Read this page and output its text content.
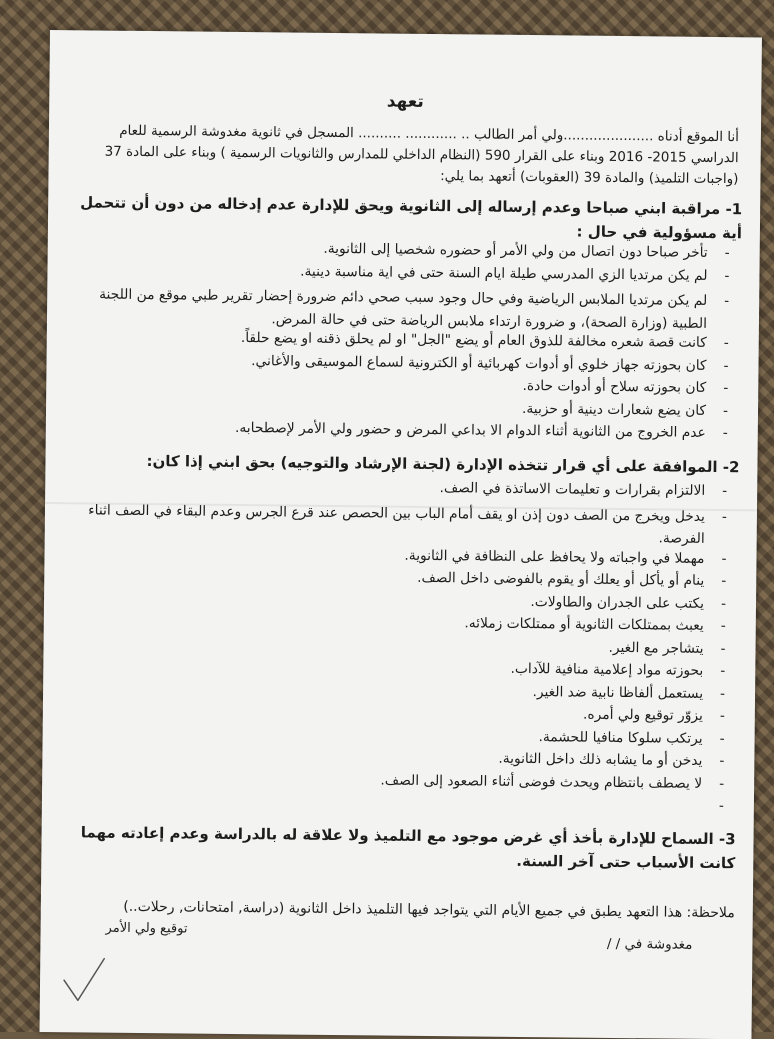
تعهد
أنا الموقع أدناه .....................ولي أمر الطالب .. ............ .......... المسجل في ثانوية مغدوشة الرسمية للعام
الدراسي 2015- 2016 وبناء على القرار 590 (النظام الداخلي للمدارس والثانويات الرسمية ) وبناء على المادة 37
(واجبات التلميذ) والمادة 39 (العقوبات) أتعهد بما يلي:
1- مراقبة ابني صباحا وعدم إرساله إلى الثانوية ويحق للإدارة عدم إدخاله من دون أن تتحمل أية مسؤولية في حال :
- تأخر صباحا دون اتصال من ولي الأمر أو حضوره شخصيا إلى الثانوية.
- لم يكن مرتديا الزي المدرسي طيلة ايام السنة حتى في اية مناسبة دينية.
- لم يكن مرتديا الملابس الرياضية وفي حال وجود سبب صحي دائم ضرورة إحضار تقرير طبي موقع من اللجنة الطبية (وزارة الصحة)، و ضرورة ارتداء ملابس الرياضة حتى في حالة المرض.
- كانت قصة شعره مخالفة للذوق العام أو يضع "الجل" او لم يحلق ذقنه او يضع حلقاً.
- كان بحوزته جهاز خلوي أو أدوات كهربائية أو الكترونية لسماع الموسيقى والأغاني.
- كان بحوزته سلاح أو أدوات حادة.
- كان يضع شعارات دينية أو حزبية.
- عدم الخروج من الثانوية أثناء الدوام الا بداعي المرض و حضور ولي الأمر لإصطحابه.
2- الموافقة على أي قرار تتخذه الإدارة (لجنة الإرشاد والتوجيه) بحق ابني إذا كان:
- الالتزام بقرارات و تعليمات الاساتذة في الصف.
- يدخل ويخرج من الصف دون إذن او يقف أمام الباب بين الحصص عند قرع الجرس وعدم البقاء في الصف اثناء الفرصة.
- مهملا في واجباته ولا يحافظ على النظافة في الثانوية.
- ينام أو يأكل أو يعلك أو يقوم بالفوضى داخل الصف.
- يكتب على الجدران والطاولات.
- يعبث بممتلكات الثانوية أو ممتلكات زملائه.
- يتشاجر مع الغير.
- بحوزته مواد إعلامية منافية للآداب.
- يستعمل ألفاظا نابية ضد الغير.
- يزوّر توقيع ولي أمره.
- يرتكب سلوكا منافيا للحشمة.
- يدخن أو ما يشابه ذلك داخل الثانوية.
- لا يصطف بانتظام ويحدث فوضى أثناء الصعود إلى الصف.
-
3- السماح للإدارة بأخذ أي غرض موجود مع التلميذ ولا علاقة له بالدراسة وعدم إعادته مهما كانت الأسباب حتى آخر السنة.
ملاحظة: هذا التعهد يطبق في جميع الأيام التي يتواجد فيها التلميذ داخل الثانوية (دراسة, امتحانات, رحلات..)
توقيع ولي الأمر
مغدوشة في / /
